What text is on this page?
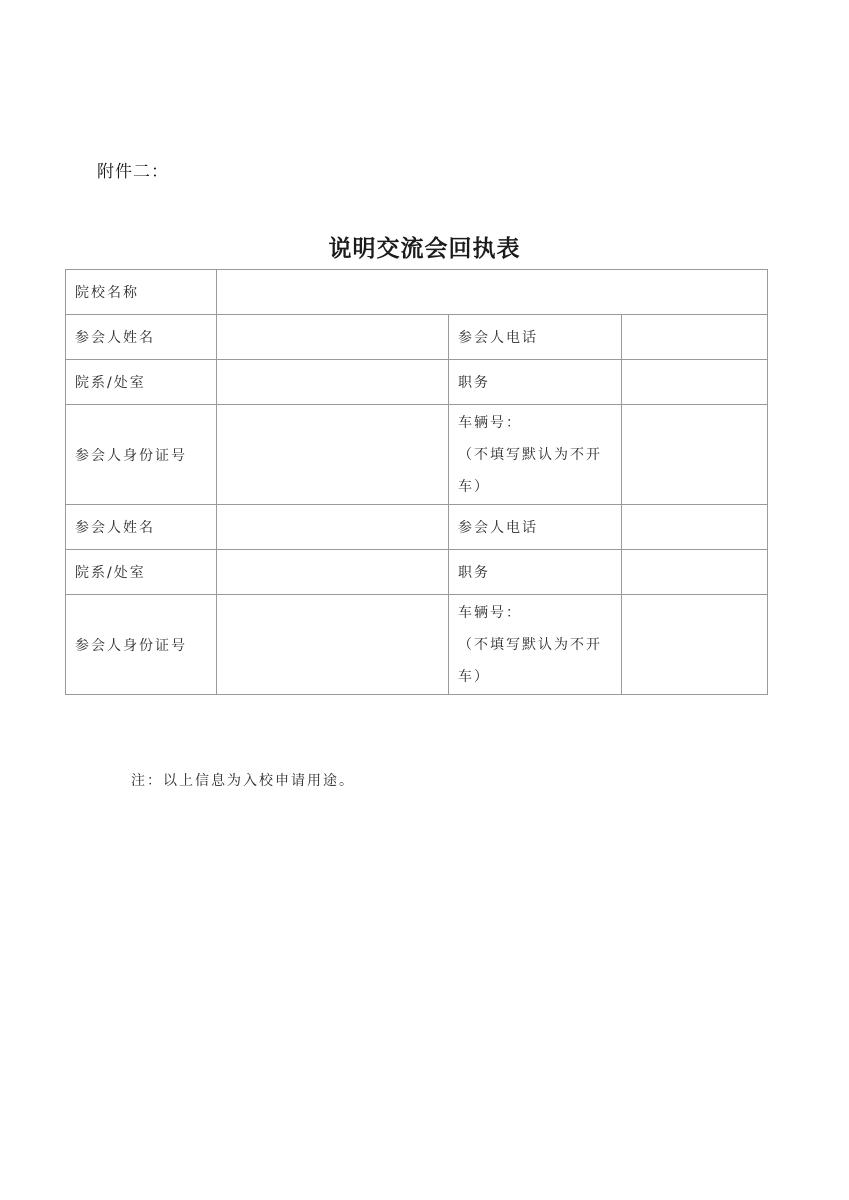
附件二：
说明交流会回执表
院校名称			
参会人姓名		参会人电话	
院系/处室		职务	
参会人身份证号		车辆号：
（不填写默认为不开
车）	

参会人姓名		参会人电话	
院系/处室		职务	
参会人身份证号		车辆号：
（不填写默认为不开
车）	

注：以上信息为入校申请用途。
